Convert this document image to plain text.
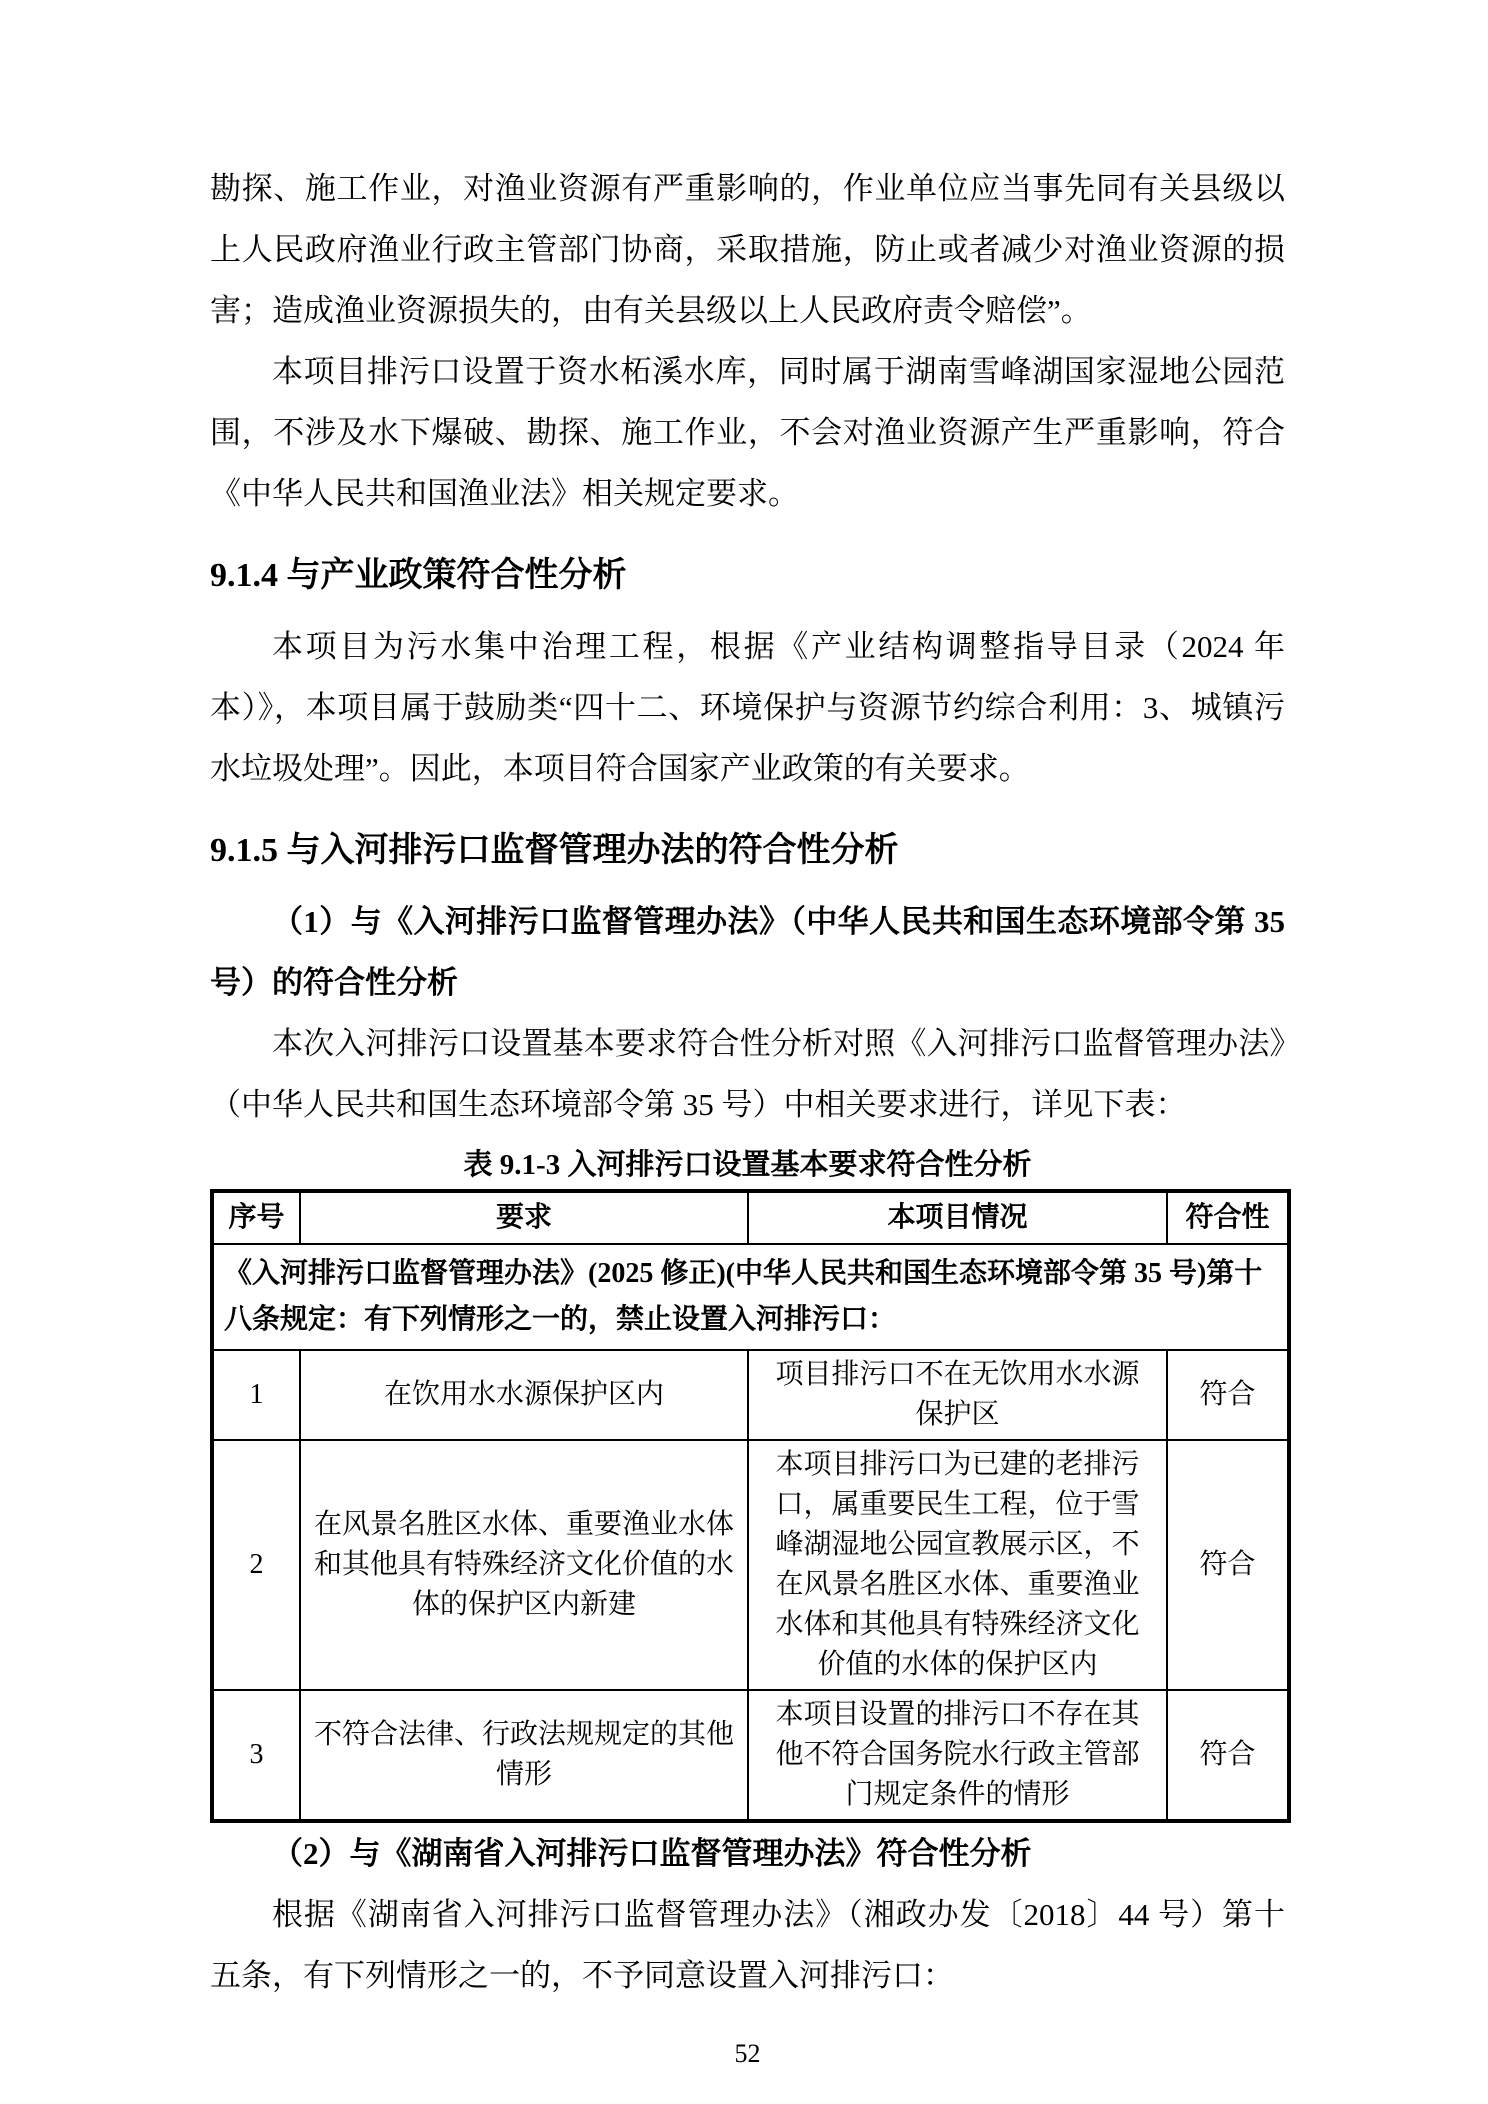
勘探、施工作业，对渔业资源有严重影响的，作业单位应当事先同有关县级以上人民政府渔业行政主管部门协商，采取措施，防止或者减少对渔业资源的损害；造成渔业资源损失的，由有关县级以上人民政府责令赔偿”。

本项目排污口设置于资水柘溪水库，同时属于湖南雪峰湖国家湿地公园范围，不涉及水下爆破、勘探、施工作业，不会对渔业资源产生严重影响，符合《中华人民共和国渔业法》相关规定要求。

9.1.4 与产业政策符合性分析

本项目为污水集中治理工程，根据《产业结构调整指导目录（2024 年本）》，本项目属于鼓励类“四十二、环境保护与资源节约综合利用：3、城镇污水垃圾处理”。因此，本项目符合国家产业政策的有关要求。

9.1.5 与入河排污口监督管理办法的符合性分析

（1）与《入河排污口监督管理办法》（中华人民共和国生态环境部令第 35号）的符合性分析

本次入河排污口设置基本要求符合性分析对照《入河排污口监督管理办法》（中华人民共和国生态环境部令第 35 号）中相关要求进行，详见下表：

表 9.1-3 入河排污口设置基本要求符合性分析
序号	要求	本项目情况	符合性
《入河排污口监督管理办法》(2025 修正)(中华人民共和国生态环境部令第 35 号)第十八条规定：有下列情形之一的，禁止设置入河排污口：			
1	在饮用水水源保护区内	项目排污口不在无饮用水水源保护区	符合
2	在风景名胜区水体、重要渔业水体和其他具有特殊经济文化价值的水体的保护区内新建	本项目排污口为已建的老排污口，属重要民生工程，位于雪峰湖湿地公园宣教展示区，不在风景名胜区水体、重要渔业水体和其他具有特殊经济文化价值的水体的保护区内	符合
3	不符合法律、行政法规规定的其他情形	本项目设置的排污口不存在其他不符合国务院水行政主管部门规定条件的情形	符合

（2）与《湖南省入河排污口监督管理办法》符合性分析

根据《湖南省入河排污口监督管理办法》（湘政办发〔2018〕44 号）第十五条，有下列情形之一的，不予同意设置入河排污口：

52
